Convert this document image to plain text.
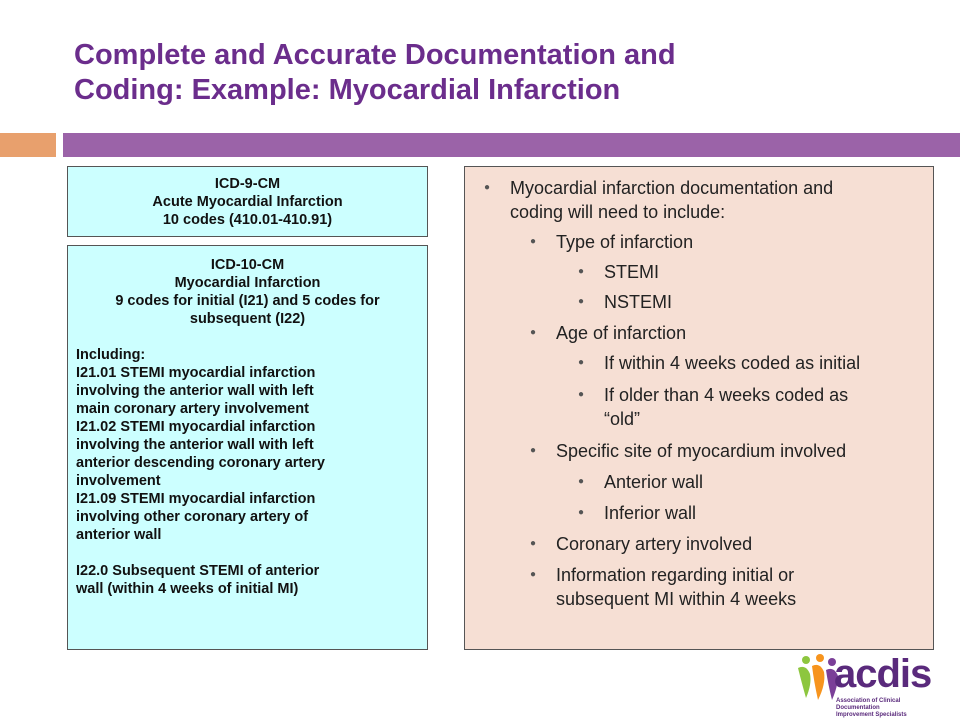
Complete and Accurate Documentation and
Coding: Example: Myocardial Infarction
ICD-9-CM
Acute Myocardial Infarction
10 codes (410.01-410.91)
ICD-10-CM
Myocardial Infarction
9 codes for initial (I21) and 5 codes for
subsequent (I22)
Including:
I21.01 STEMI myocardial infarction
involving the anterior wall with left
main coronary artery involvement
I21.02 STEMI myocardial infarction
involving the anterior wall with left
anterior descending coronary artery
involvement
I21.09 STEMI myocardial infarction
involving other coronary artery of
anterior wall
I22.0 Subsequent STEMI of anterior
wall (within 4 weeks of initial MI)
● Myocardial infarction documentation and
coding will need to include:
● Type of infarction
● STEMI
● NSTEMI
● Age of infarction
● If within 4 weeks coded as initial
● If older than 4 weeks coded as
“old”
● Specific site of myocardium involved
● Anterior wall
● Inferior wall
● Coronary artery involved
● Information regarding initial or
subsequent MI within 4 weeks
acdis
Association of Clinical Documentation
Improvement Specialists
